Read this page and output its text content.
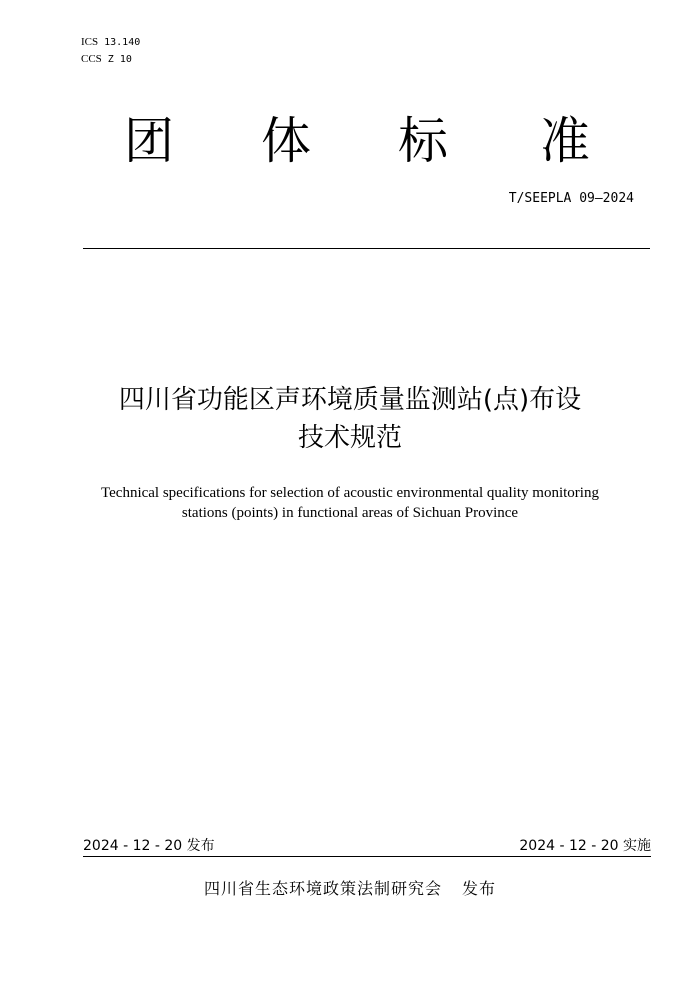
ICS 13.140
CCS Z 10
团 体 标 准
T/SEEPLA 09—2024
四川省功能区声环境质量监测站(点)布设
技术规范
Technical specifications for selection of acoustic environmental quality monitoring
stations (points) in functional areas of Sichuan Province
2024 - 12 - 20 发布	2024 - 12 - 20 实施
四川省生态环境政策法制研究会 发布
